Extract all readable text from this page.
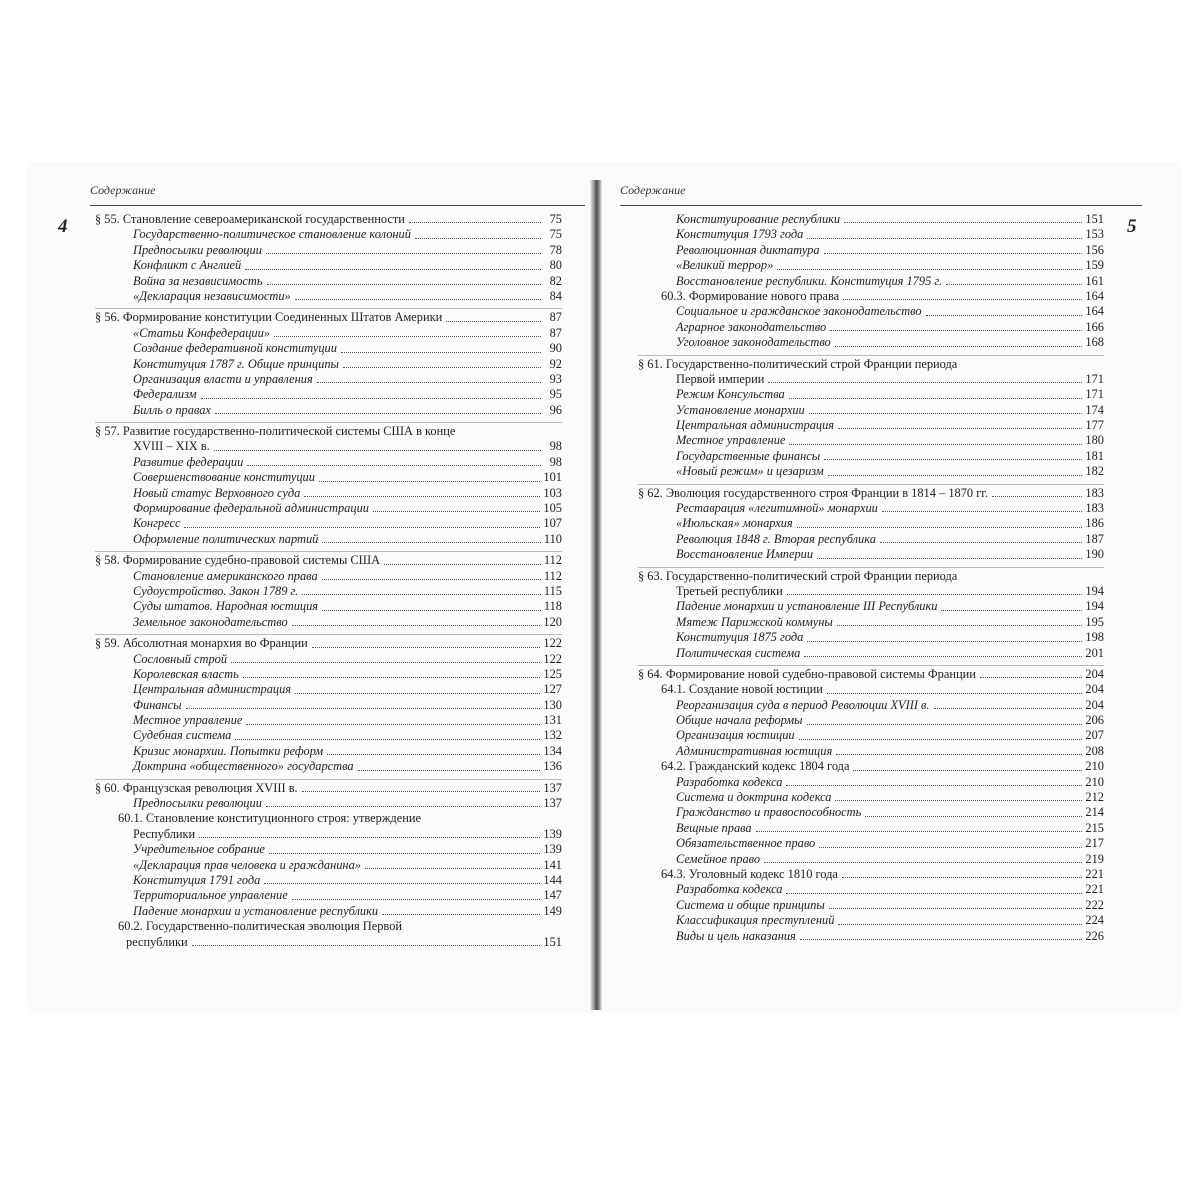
Содержание	Содержание
4	5
§ 55. Становление североамериканской государственности	75
Государственно-политическое становление колоний	75
Предпосылки революции	78
Конфликт с Англией	80
Война за независимость	82
«Декларация независимости»	84
§ 56. Формирование конституции Соединенных Штатов Америки	87
«Статьи Конфедерации»	87
Создание федеративной конституции	90
Конституция 1787 г. Общие принципы	92
Организация власти и управления	93
Федерализм	95
Билль о правах	96
§ 57. Развитие государственно-политической системы США в конце
XVIII – XIX в.	98
Развитие федерации	98
Совершенствование конституции	101
Новый статус Верховного суда	103
Формирование федеральной администрации	105
Конгресс	107
Оформление политических партий	110
§ 58. Формирование судебно-правовой системы США	112
Становление американского права	112
Судоустройство. Закон 1789 г.	115
Суды штатов. Народная юстиция	118
Земельное законодательство	120
§ 59. Абсолютная монархия во Франции	122
Сословный строй	122
Королевская власть	125
Центральная администрация	127
Финансы	130
Местное управление	131
Судебная система	132
Кризис монархии. Попытки реформ	134
Доктрина «общественного» государства	136
§ 60. Французская революция XVIII в.	137
Предпосылки революции	137
60.1. Становление конституционного строя: утверждение
Республики	139
Учредительное собрание	139
«Декларация прав человека и гражданина»	141
Конституция 1791 года	144
Территориальное управление	147
Падение монархии и установление республики	149
60.2. Государственно-политическая эволюция Первой
республики	151
Конституирование республики	151
Конституция 1793 года	153
Революционная диктатура	156
«Великий террор»	159
Восстановление республики. Конституция 1795 г.	161
60.3. Формирование нового права	164
Социальное и гражданское законодательство	164
Аграрное законодательство	166
Уголовное законодательство	168
§ 61. Государственно-политический строй Франции периода
Первой империи	171
Режим Консульства	171
Установление монархии	174
Центральная администрация	177
Местное управление	180
Государственные финансы	181
«Новый режим» и цезаризм	182
§ 62. Эволюция государственного строя Франции в 1814 – 1870 гг.	183
Реставрация «легитимной» монархии	183
«Июльская» монархия	186
Революция 1848 г. Вторая республика	187
Восстановление Империи	190
§ 63. Государственно-политический строй Франции периода
Третьей республики	194
Падение монархии и установление III Республики	194
Мятеж Парижской коммуны	195
Конституция 1875 года	198
Политическая система	201
§ 64. Формирование новой судебно-правовой системы Франции	204
64.1. Создание новой юстиции	204
Реорганизация суда в период Революции XVIII в.	204
Общие начала реформы	206
Организация юстиции	207
Административная юстиция	208
64.2. Гражданский кодекс 1804 года	210
Разработка кодекса	210
Система и доктрина кодекса	212
Гражданство и правоспособность	214
Вещные права	215
Обязательственное право	217
Семейное право	219
64.3. Уголовный кодекс 1810 года	221
Разработка кодекса	221
Система и общие принципы	222
Классификация преступлений	224
Виды и цель наказания	226
